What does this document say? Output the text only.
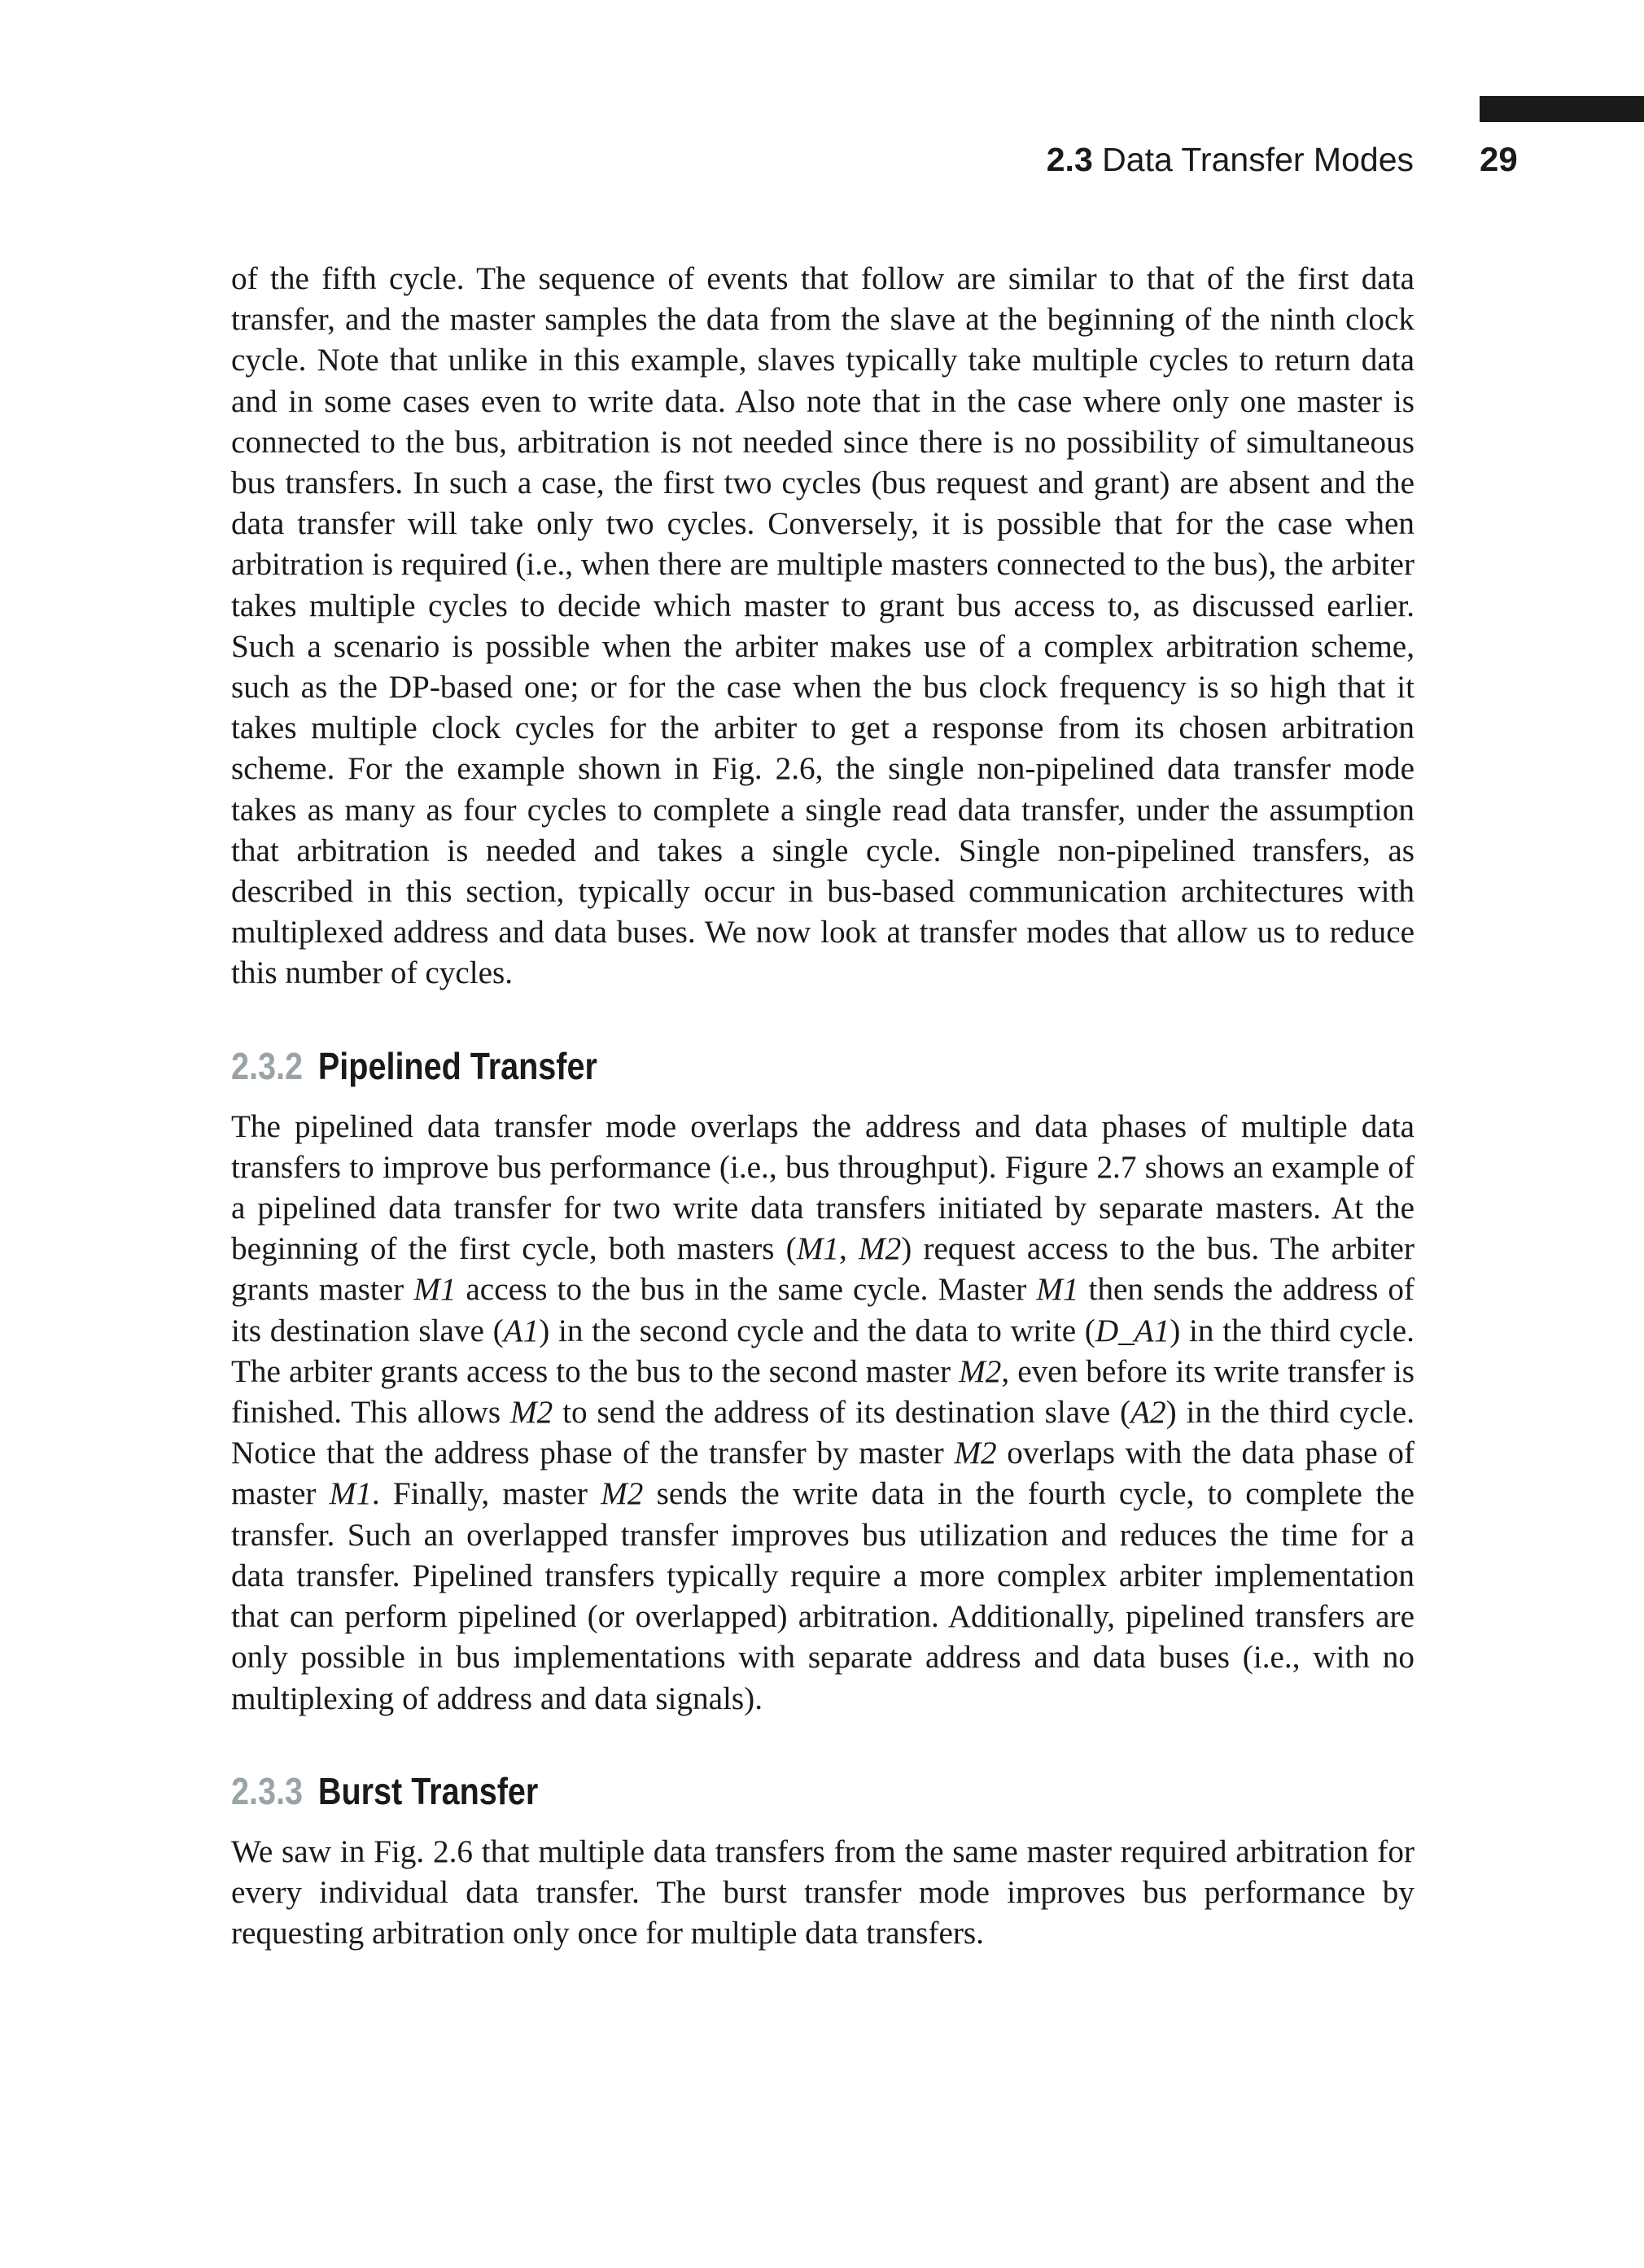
2.3 Data Transfer Modes 29

of the fifth cycle. The sequence of events that follow are similar to that of the first data transfer, and the master samples the data from the slave at the beginning of the ninth clock cycle. Note that unlike in this example, slaves typically take multiple cycles to return data and in some cases even to write data. Also note that in the case where only one master is connected to the bus, arbitration is not needed since there is no possibility of simultaneous bus transfers. In such a case, the first two cycles (bus request and grant) are absent and the data transfer will take only two cycles. Conversely, it is possible that for the case when arbitration is required (i.e., when there are multiple masters connected to the bus), the arbiter takes multiple cycles to decide which master to grant bus access to, as discussed earlier. Such a scenario is possible when the arbiter makes use of a complex arbitration scheme, such as the DP-based one; or for the case when the bus clock frequency is so high that it takes multiple clock cycles for the arbiter to get a response from its chosen arbitration scheme. For the example shown in Fig. 2.6, the single non-pipelined data transfer mode takes as many as four cycles to complete a single read data transfer, under the assumption that arbitration is needed and takes a single cycle. Single non-pipelined transfers, as described in this section, typically occur in bus-based communication architectures with multiplexed address and data buses. We now look at transfer modes that allow us to reduce this number of cycles.

2.3.2 Pipelined Transfer

The pipelined data transfer mode overlaps the address and data phases of multiple data transfers to improve bus performance (i.e., bus throughput). Figure 2.7 shows an example of a pipelined data transfer for two write data transfers initiated by separate masters. At the beginning of the first cycle, both masters (M1, M2) request access to the bus. The arbiter grants master M1 access to the bus in the same cycle. Master M1 then sends the address of its destination slave (A1) in the second cycle and the data to write (D_A1) in the third cycle. The arbiter grants access to the bus to the second master M2, even before its write transfer is finished. This allows M2 to send the address of its destination slave (A2) in the third cycle. Notice that the address phase of the transfer by master M2 overlaps with the data phase of master M1. Finally, master M2 sends the write data in the fourth cycle, to complete the transfer. Such an overlapped transfer improves bus utilization and reduces the time for a data transfer. Pipelined transfers typically require a more complex arbiter implementation that can perform pipelined (or overlapped) arbitration. Additionally, pipelined transfers are only possible in bus implementations with separate address and data buses (i.e., with no multiplexing of address and data signals).

2.3.3 Burst Transfer

We saw in Fig. 2.6 that multiple data transfers from the same master required arbitration for every individual data transfer. The burst transfer mode improves bus performance by requesting arbitration only once for multiple data transfers.
